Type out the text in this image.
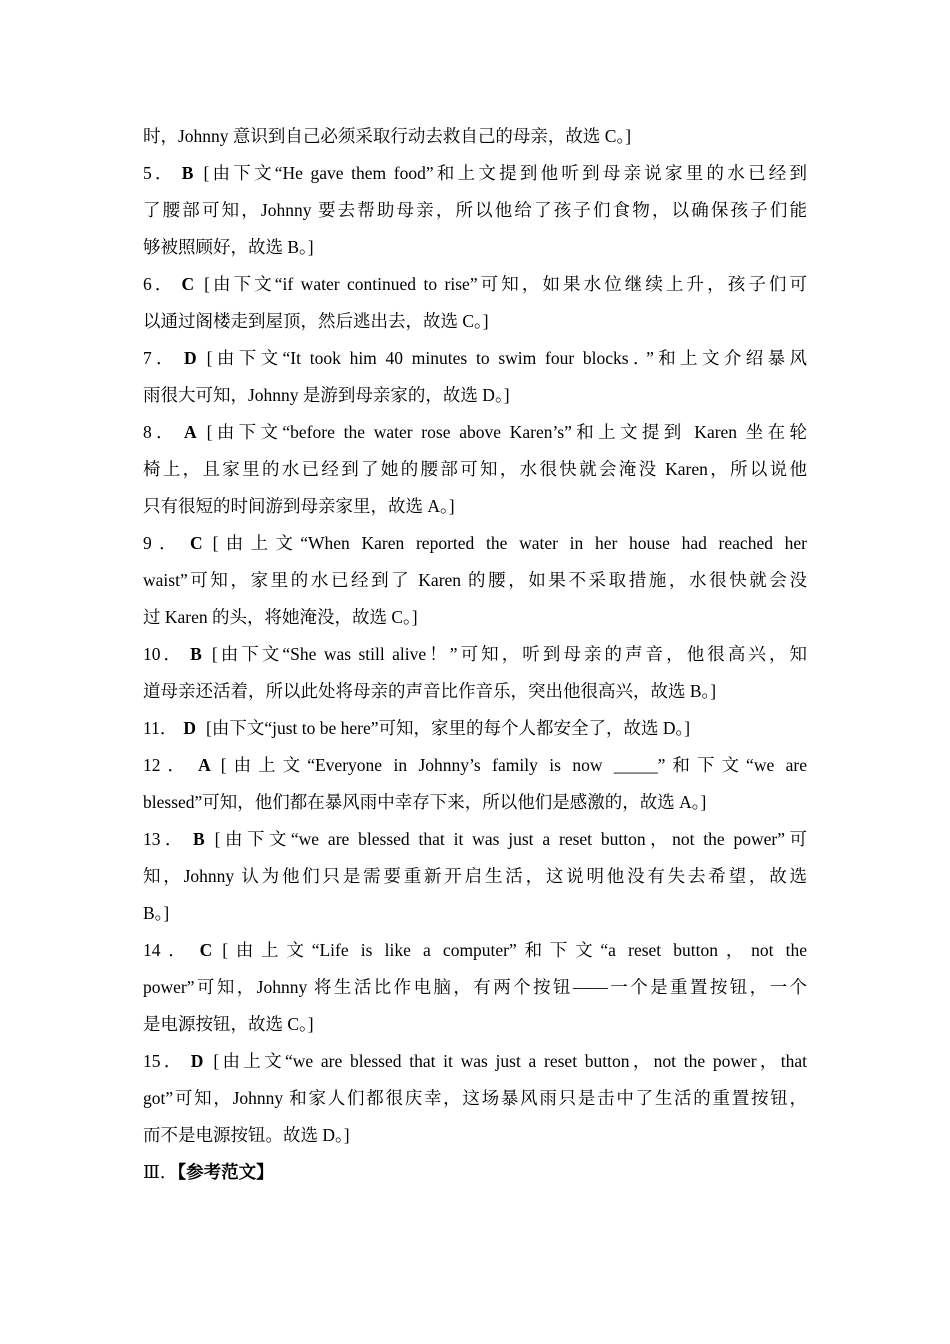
时，Johnny 意识到自己必须采取行动去救自己的母亲，故选 C。]
5． B [由下文“He gave them food”和上文提到他听到母亲说家里的水已经到
了腰部可知，Johnny 要去帮助母亲，所以他给了孩子们食物，以确保孩子们能
够被照顾好，故选 B。]
6． C [由下文“if water continued to rise”可知，如果水位继续上升，孩子们可
以通过阁楼走到屋顶，然后逃出去，故选 C。]
7． D [由下文“It took him 40 minutes to swim four blocks．”和上文介绍暴风
雨很大可知，Johnny 是游到母亲家的，故选 D。]
8． A [由下文“before the water rose above Karen’s”和上文提到 Karen 坐在轮
椅上，且家里的水已经到了她的腰部可知，水很快就会淹没 Karen，所以说他
只有很短的时间游到母亲家里，故选 A。]
9． C [由上文“When Karen reported the water in her house had reached her
waist”可知，家里的水已经到了 Karen 的腰，如果不采取措施，水很快就会没
过 Karen 的头，将她淹没，故选 C。]
10． B [由下文“She was still alive！”可知，听到母亲的声音，他很高兴，知
道母亲还活着，所以此处将母亲的声音比作音乐，突出他很高兴，故选 B。]
11． D [由下文“just to be here”可知，家里的每个人都安全了，故选 D。]
12． A [由上文“Everyone in Johnny’s family is now _____”和下文“we are
blessed”可知，他们都在暴风雨中幸存下来，所以他们是感激的，故选 A。]
13． B [由下文“we are blessed that it was just a reset button，not the power”可
知，Johnny 认为他们只是需要重新开启生活，这说明他没有失去希望，故选
B。]
14． C [由上文“Life is like a computer”和下文“a reset button，not the
power”可知，Johnny 将生活比作电脑，有两个按钮——一个是重置按钮，一个
是电源按钮，故选 C。]
15． D [由上文“we are blessed that it was just a reset button，not the power，that
got”可知，Johnny 和家人们都很庆幸，这场暴风雨只是击中了生活的重置按钮，
而不是电源按钮。故选 D。]
Ⅲ．【参考范文】
